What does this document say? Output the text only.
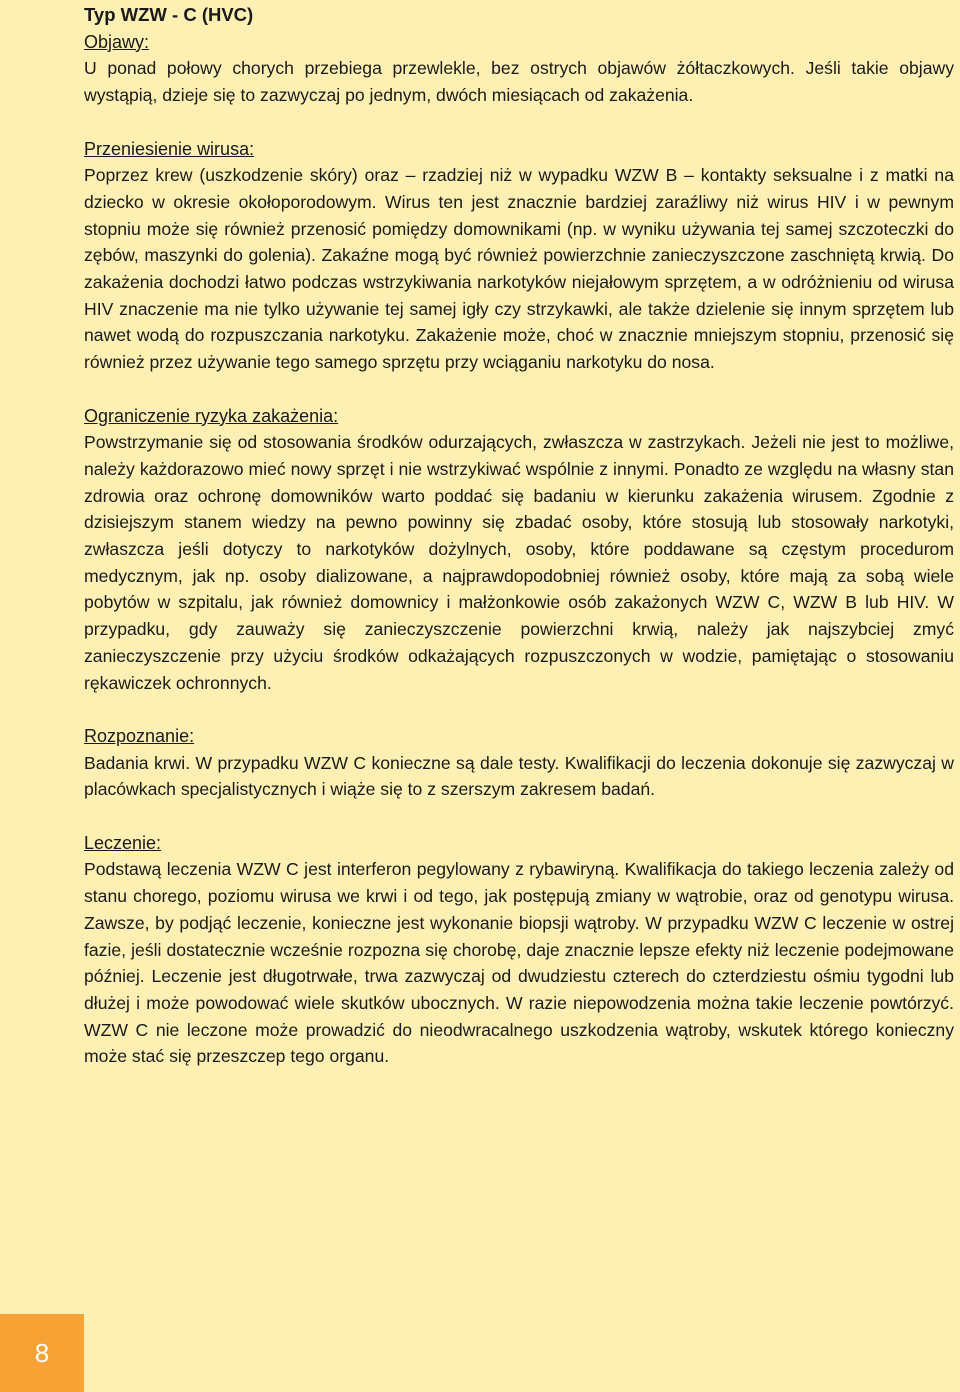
Typ WZW - C (HVC)
Objawy:

U ponad połowy chorych przebiega przewlekle, bez ostrych objawów żółtaczkowych. Jeśli takie objawy wystąpią, dzieje się to zazwyczaj po jednym, dwóch miesiącach od zakażenia.

Przeniesienie wirusa:

Poprzez krew (uszkodzenie skóry) oraz – rzadziej niż w wypadku WZW B – kontakty seksualne i z matki na dziecko w okresie okołoporodowym. Wirus ten jest znacznie bardziej zaraźliwy niż wirus HIV i w pewnym stopniu może się również przenosić pomiędzy domownikami (np. w wyniku używania tej samej szczoteczki do zębów, maszynki do golenia). Zakaźne mogą być również powierzchnie zanieczyszczone zaschniętą krwią. Do zakażenia dochodzi łatwo podczas wstrzykiwania narkotyków niejałowym sprzętem, a w odróżnieniu od wirusa HIV znaczenie ma nie tylko używanie tej samej igły czy strzykawki, ale także dzielenie się innym sprzętem lub nawet wodą do rozpuszczania narkotyku. Zakażenie może, choć w znacznie mniejszym stopniu, przenosić się również przez używanie tego samego sprzętu przy wciąganiu narkotyku do nosa.

Ograniczenie ryzyka zakażenia:

Powstrzymanie się od stosowania środków odurzających, zwłaszcza w zastrzykach. Jeżeli nie jest to możliwe, należy każdorazowo mieć nowy sprzęt i nie wstrzykiwać wspólnie z innymi. Ponadto ze względu na własny stan zdrowia oraz ochronę domowników warto poddać się badaniu w kierunku zakażenia wirusem. Zgodnie z dzisiejszym stanem wiedzy na pewno powinny się zbadać osoby, które stosują lub stosowały narkotyki, zwłaszcza jeśli dotyczy to narkotyków dożylnych, osoby, które poddawane są częstym procedurom medycznym, jak np. osoby dializowane, a najprawdopodobniej również osoby, które mają za sobą wiele pobytów w szpitalu, jak również domownicy i małżonkowie osób zakażonych WZW C, WZW B lub HIV. W przypadku, gdy zauważy się zanieczyszczenie powierzchni krwią, należy jak najszybciej zmyć zanieczyszczenie przy użyciu środków odkażających rozpuszczonych w wodzie, pamiętając o stosowaniu rękawiczek ochronnych.

Rozpoznanie:

Badania krwi. W przypadku WZW C konieczne są dale testy. Kwalifikacji do leczenia dokonuje się zazwyczaj w placówkach specjalistycznych i wiąże się to z szerszym zakresem badań.

Leczenie:

Podstawą leczenia WZW C jest interferon pegylowany z rybawiryną. Kwalifikacja do takiego leczenia zależy od stanu chorego, poziomu wirusa we krwi i od tego, jak postępują zmiany w wątrobie, oraz od genotypu wirusa. Zawsze, by podjąć leczenie, konieczne jest wykonanie biopsji wątroby. W przypadku WZW C leczenie w ostrej fazie, jeśli dostatecznie wcześnie rozpozna się chorobę, daje znacznie lepsze efekty niż leczenie podejmowane później. Leczenie jest długotrwałe, trwa zazwyczaj od dwudziestu czterech do czterdziestu ośmiu tygodni lub dłużej i może powodować wiele skutków ubocznych. W razie niepowodzenia można takie leczenie powtórzyć. WZW C nie leczone może prowadzić do nieodwracalnego uszkodzenia wątroby, wskutek którego konieczny może stać się przeszczep tego organu.

8
